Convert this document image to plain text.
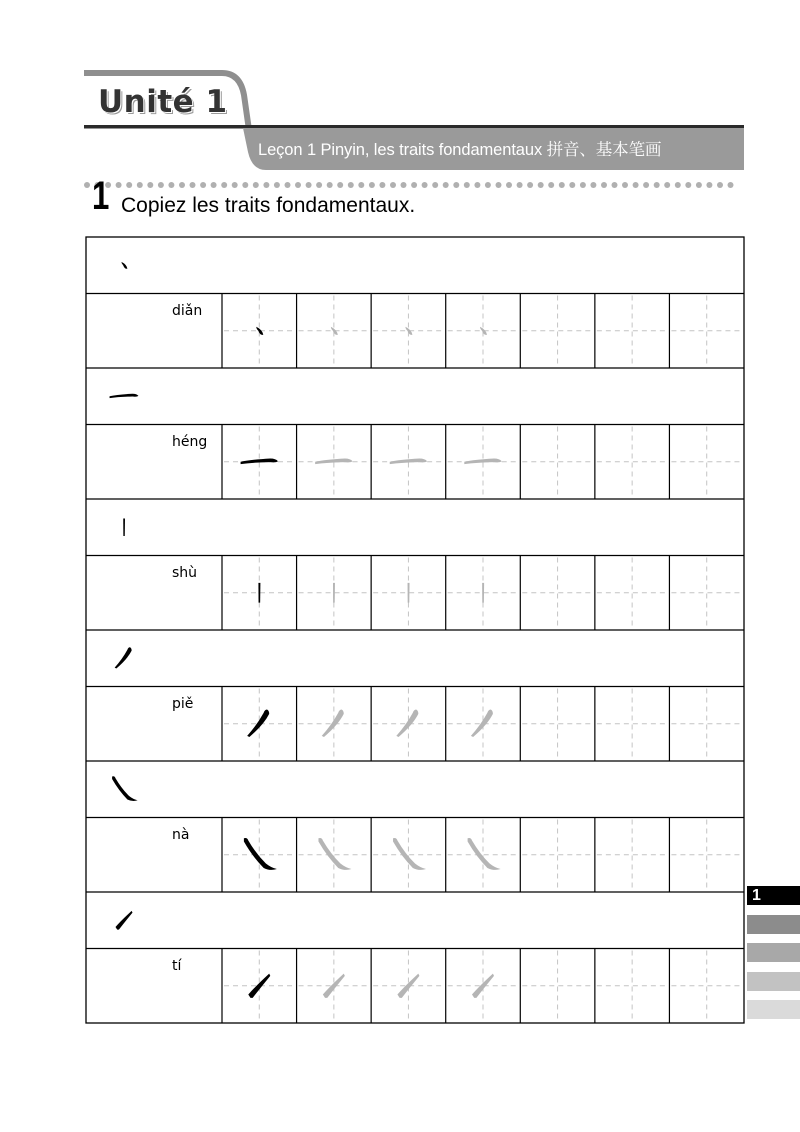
Unité 1
Leçon 1 Pinyin, les traits fondamentaux 拼音、基本笔画
1 Copiez les traits fondamentaux.
diǎn
héng
shù
piě
nà
tí
1
